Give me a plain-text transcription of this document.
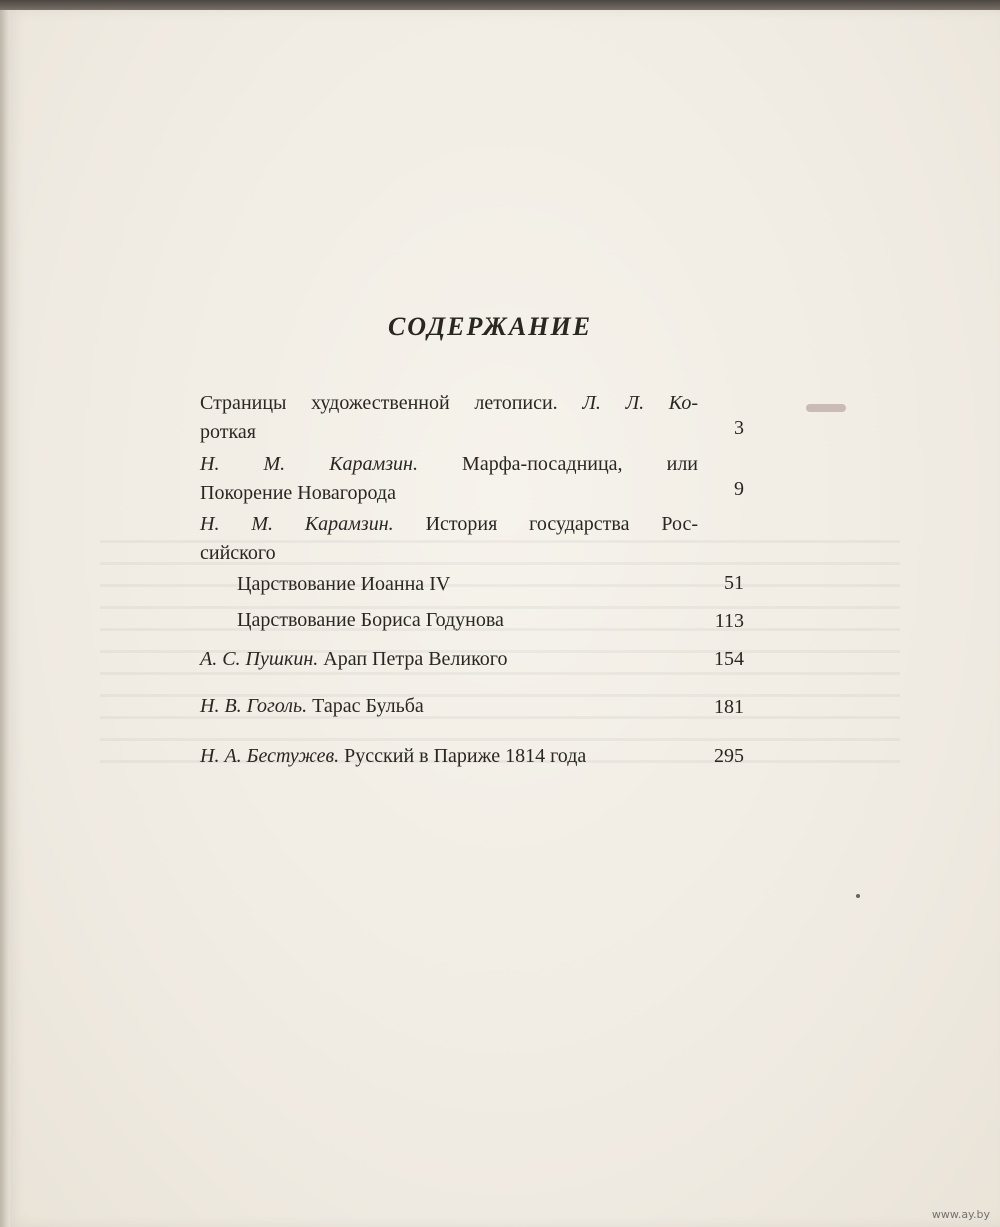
СОДЕРЖАНИЕ
Страницы художественной летописи. Л. Л. Ко-
роткая	3
Н. М. Карамзин. Марфа-посадница, или
Покорение Новагорода	9
Н. М. Карамзин. История государства Рос-
сийского
Царствование Иоанна IV	51
Царствование Бориса Годунова	113
А. С. Пушкин. Арап Петра Великого	154
Н. В. Гоголь. Тарас Бульба	181
Н. А. Бестужев. Русский в Париже 1814 года	295
www.ay.by
